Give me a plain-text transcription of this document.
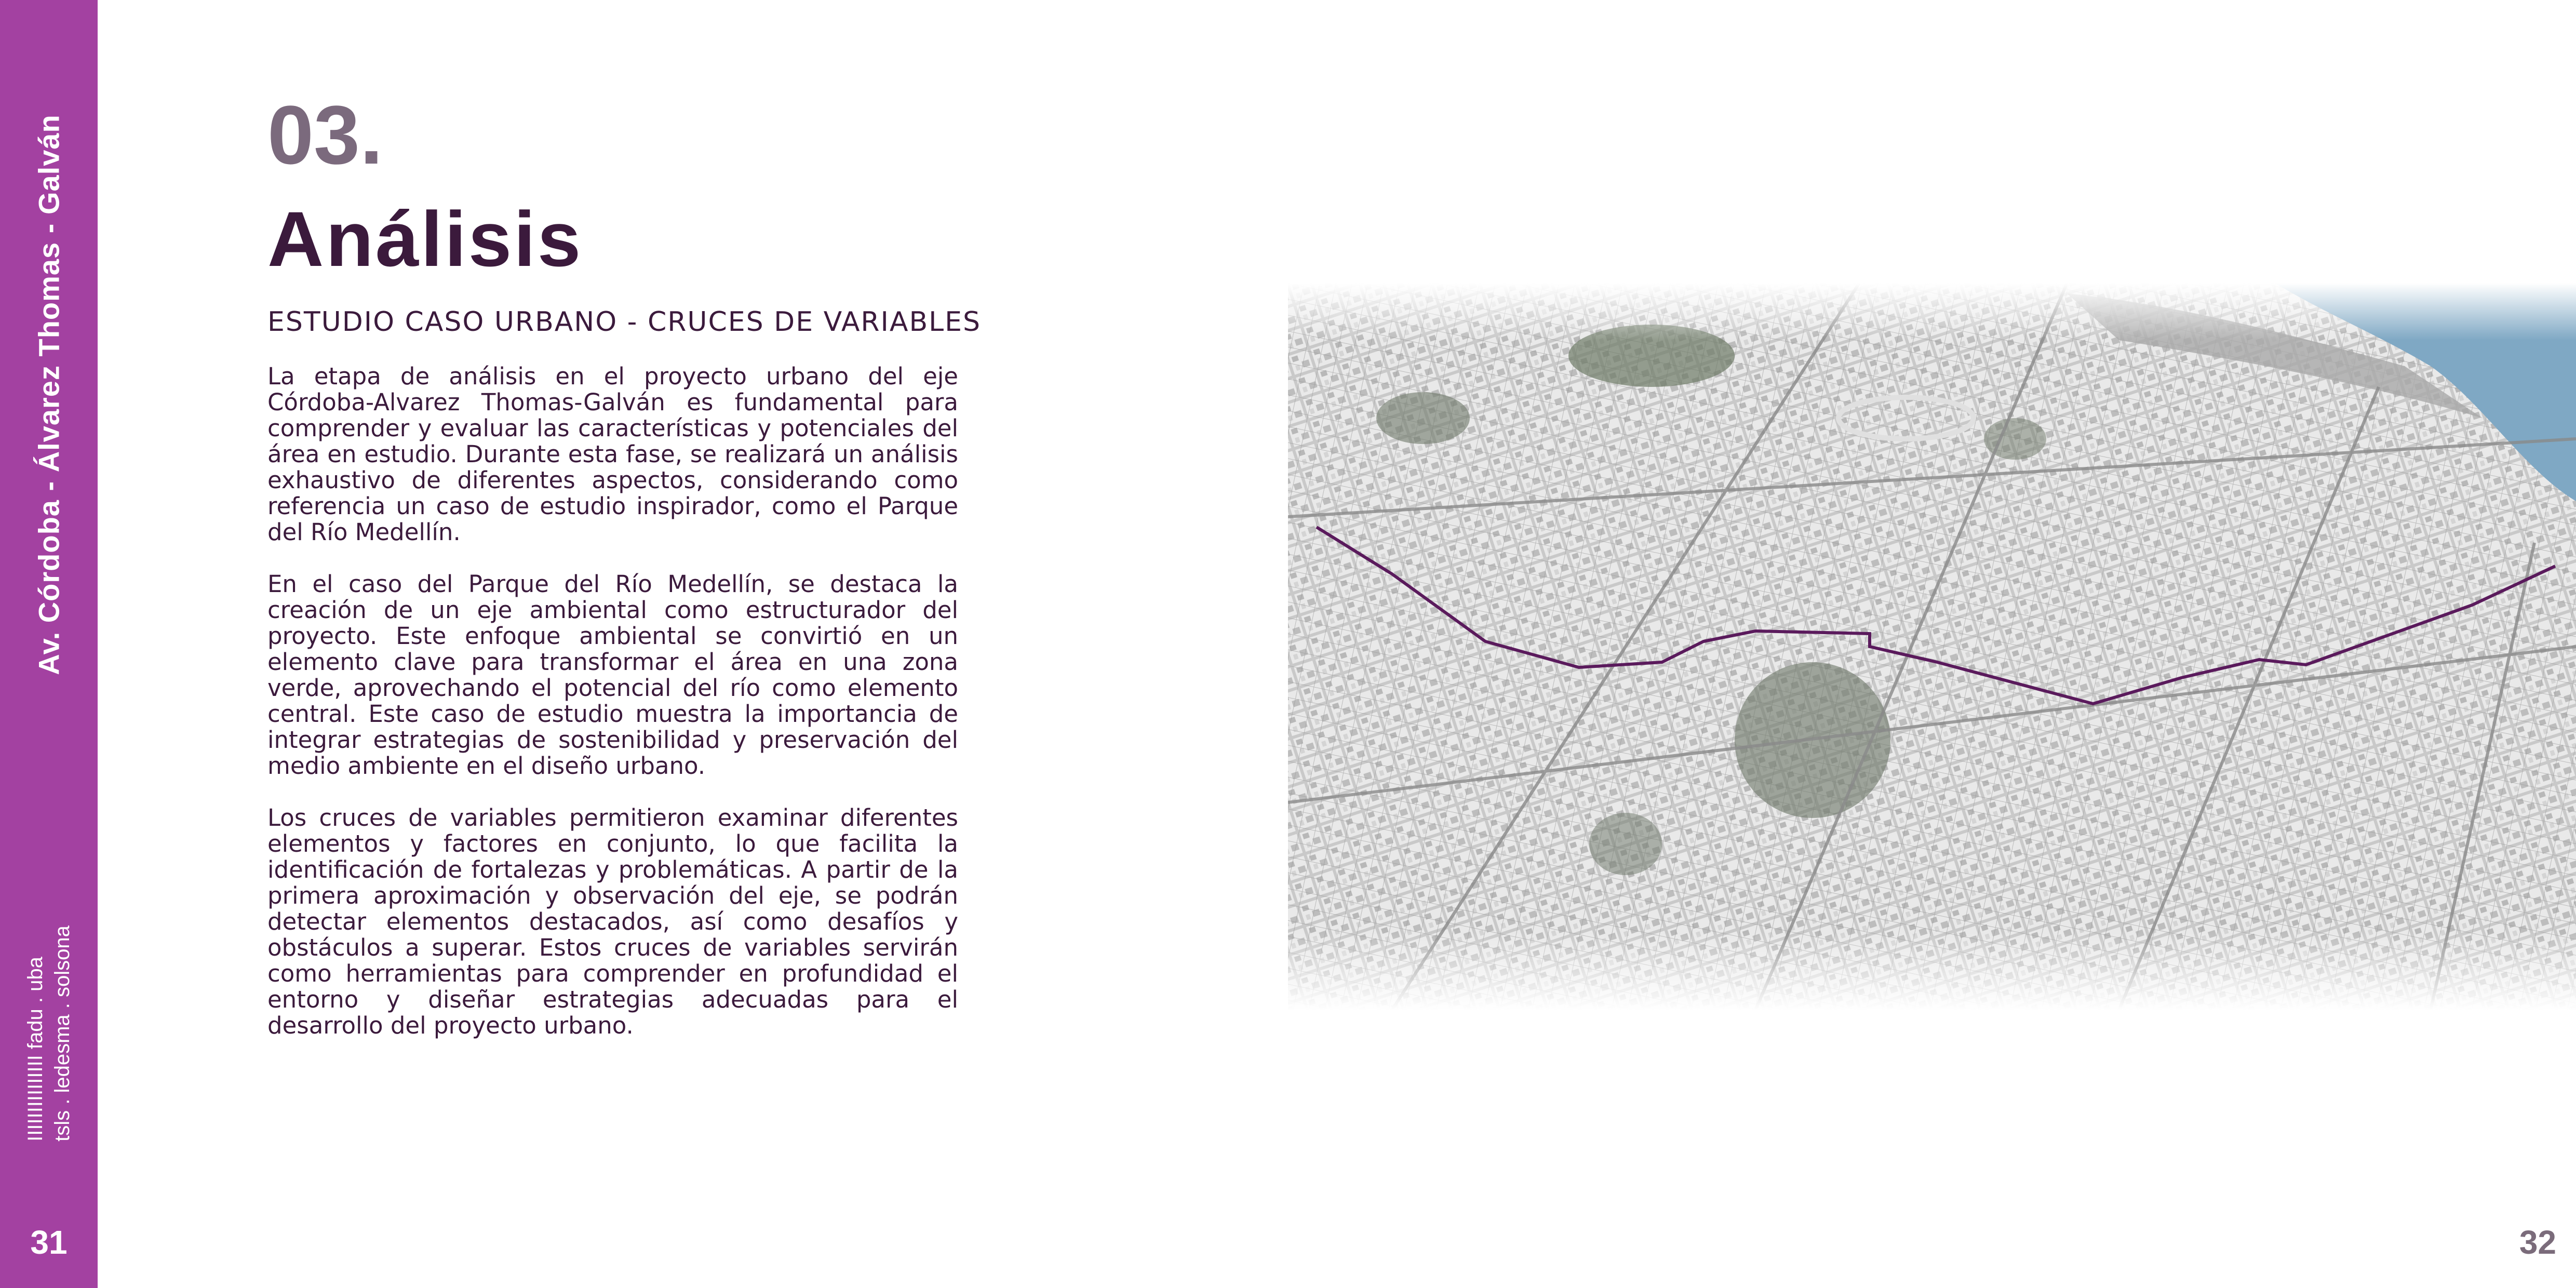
Av. Córdoba - Álvarez Thomas - Galván
IIIIIIIIIIIIIII fadu . uba tsls . ledesma . solsona
31
03.
Análisis
ESTUDIO CASO URBANO - CRUCES DE VARIABLES

La etapa de análisis en el proyecto urbano del eje Córdoba-Alvarez Thomas-Galván es fundamental para comprender y evaluar las características y potenciales del área en estudio. Durante esta fase, se realizará un análisis exhaustivo de diferentes aspectos, considerando como referencia un caso de estudio inspirador, como el Parque del Río Medellín.

En el caso del Parque del Río Medellín, se destaca la creación de un eje ambiental como estructurador del proyecto. Este enfoque ambiental se convirtió en un elemento clave para transformar el área en una zona verde, aprovechando el potencial del río como elemento central. Este caso de estudio muestra la importancia de integrar estrategias de sostenibilidad y preservación del medio ambiente en el diseño urbano.

Los cruces de variables permitieron examinar diferentes elementos y factores en conjunto, lo que facilita la identificación de fortalezas y problemáticas. A partir de la primera aproximación y observación del eje, se podrán detectar elementos destacados, así como desafíos y obstáculos a superar. Estos cruces de variables servirán como herramientas para comprender en profundidad el entorno y diseñar estrategias adecuadas para el desarrollo del proyecto urbano.

32
